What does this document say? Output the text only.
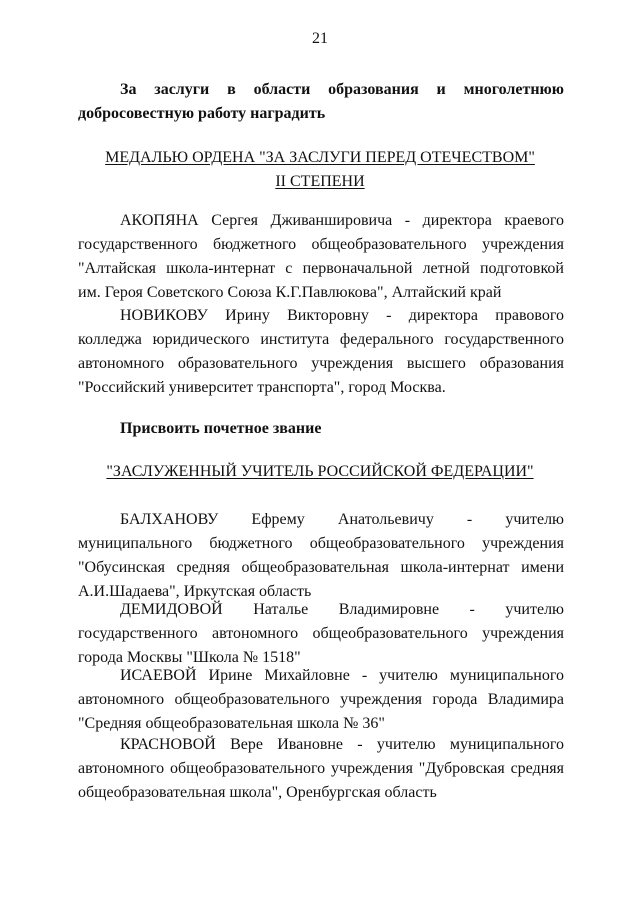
21
За заслуги в области образования и многолетнюю
добросовестную работу наградить
МЕДАЛЬЮ ОРДЕНА "ЗА ЗАСЛУГИ ПЕРЕД ОТЕЧЕСТВОМ"
II СТЕПЕНИ
АКОПЯНА Сергея Дживаншировича - директора краевого
государственного бюджетного общеобразовательного учреждения
"Алтайская школа-интернат с первоначальной летной подготовкой
им. Героя Советского Союза К.Г.Павлюкова", Алтайский край
НОВИКОВУ Ирину Викторовну - директора правового
колледжа юридического института федерального государственного
автономного образовательного учреждения высшего образования
"Российский университет транспорта", город Москва.
Присвоить почетное звание
"ЗАСЛУЖЕННЫЙ УЧИТЕЛЬ РОССИЙСКОЙ ФЕДЕРАЦИИ"
БАЛХАНОВУ Ефрему Анатольевичу - учителю
муниципального бюджетного общеобразовательного учреждения
"Обусинская средняя общеобразовательная школа-интернат имени
А.И.Шадаева", Иркутская область
ДЕМИДОВОЙ Наталье Владимировне - учителю
государственного автономного общеобразовательного учреждения
города Москвы "Школа № 1518"
ИСАЕВОЙ Ирине Михайловне - учителю муниципального
автономного общеобразовательного учреждения города Владимира
"Средняя общеобразовательная школа № 36"
КРАСНОВОЙ Вере Ивановне - учителю муниципального
автономного общеобразовательного учреждения "Дубровская средняя
общеобразовательная школа", Оренбургская область
